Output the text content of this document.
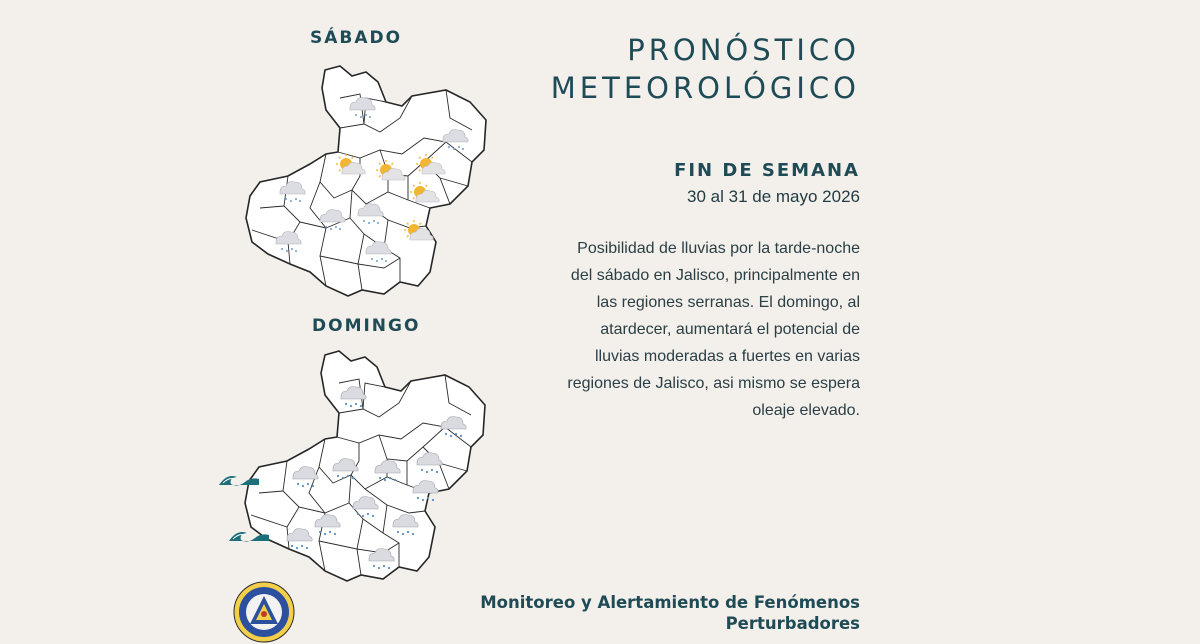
SÁBADO
DOMINGO
PRONÓSTICO
METEOROLÓGICO
FIN DE SEMANA
30 al 31 de mayo 2026
Posibilidad de lluvias por la tarde-noche
del sábado en Jalisco, principalmente en
las regiones serranas. El domingo, al
atardecer, aumentará el potencial de
lluvias moderadas a fuertes en varias
regiones de Jalisco, asi mismo se espera
oleaje elevado.
Monitoreo y Alertamiento de Fenómenos
Perturbadores
